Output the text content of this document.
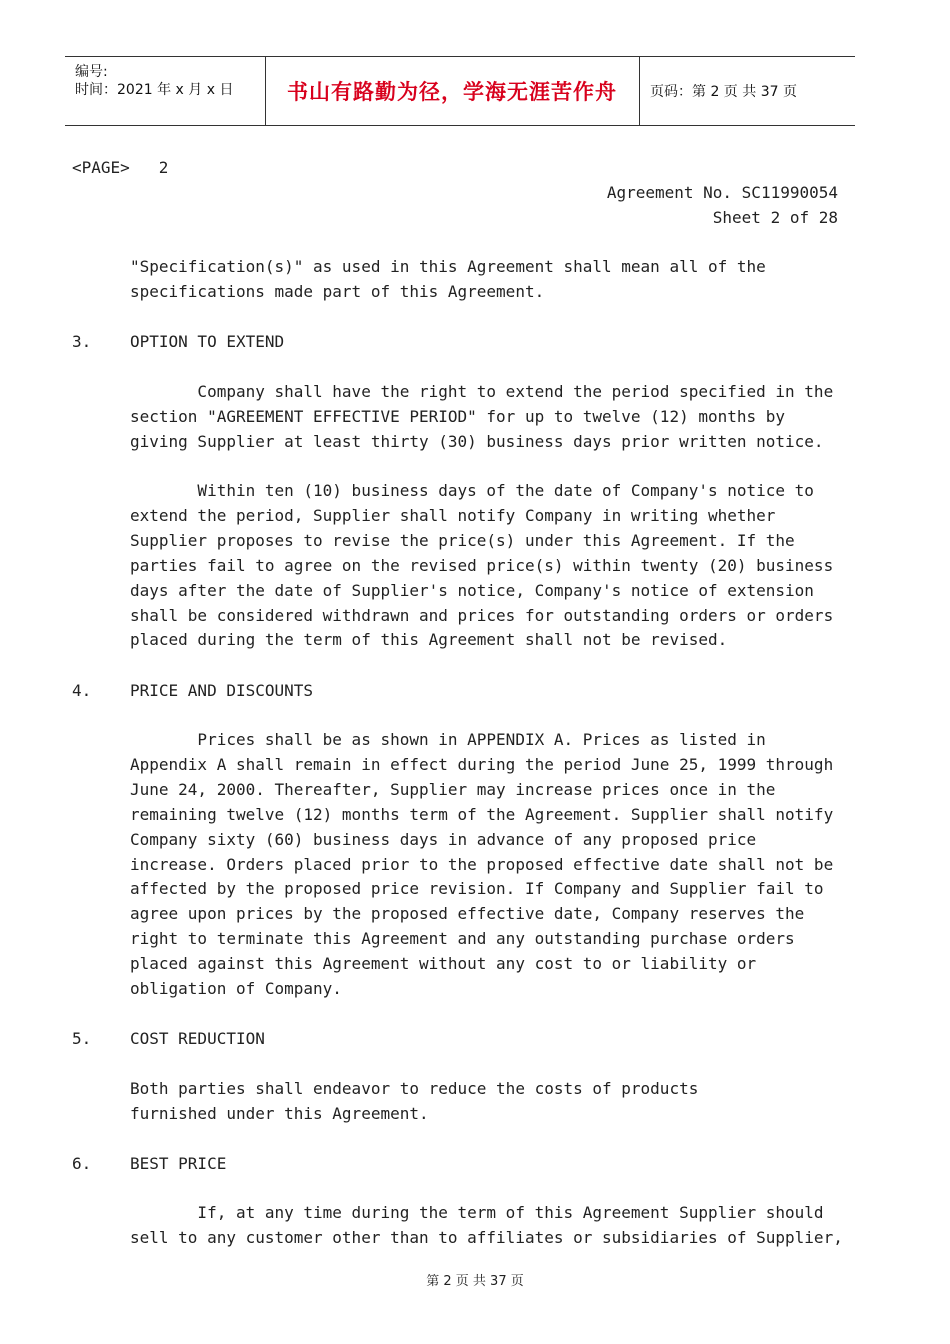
编号:
时间：2021 年 x 月 x 日	书山有路勤为径，学海无涯苦作舟 页码：第 2 页 共 37 页
<PAGE>   2
Agreement No. SC11990054
Sheet 2 of 28
"Specification(s)" as used in this Agreement shall mean all of the
specifications made part of this Agreement.
3. OPTION TO EXTEND
Company shall have the right to extend the period specified in the
section "AGREEMENT EFFECTIVE PERIOD" for up to twelve (12) months by
giving Supplier at least thirty (30) business days prior written notice.
Within ten (10) business days of the date of Company's notice to
extend the period, Supplier shall notify Company in writing whether
Supplier proposes to revise the price(s) under this Agreement. If the
parties fail to agree on the revised price(s) within twenty (20) business
days after the date of Supplier's notice, Company's notice of extension
shall be considered withdrawn and prices for outstanding orders or orders
placed during the term of this Agreement shall not be revised.
4. PRICE AND DISCOUNTS
Prices shall be as shown in APPENDIX A. Prices as listed in
Appendix A shall remain in effect during the period June 25, 1999 through
June 24, 2000. Thereafter, Supplier may increase prices once in the
remaining twelve (12) months term of the Agreement. Supplier shall notify
Company sixty (60) business days in advance of any proposed price
increase. Orders placed prior to the proposed effective date shall not be
affected by the proposed price revision. If Company and Supplier fail to
agree upon prices by the proposed effective date, Company reserves the
right to terminate this Agreement and any outstanding purchase orders
placed against this Agreement without any cost to or liability or
obligation of Company.
5. COST REDUCTION
Both parties shall endeavor to reduce the costs of products
furnished under this Agreement.
6. BEST PRICE
If, at any time during the term of this Agreement Supplier should
sell to any customer other than to affiliates or subsidiaries of Supplier,
第 2 页 共 37 页
